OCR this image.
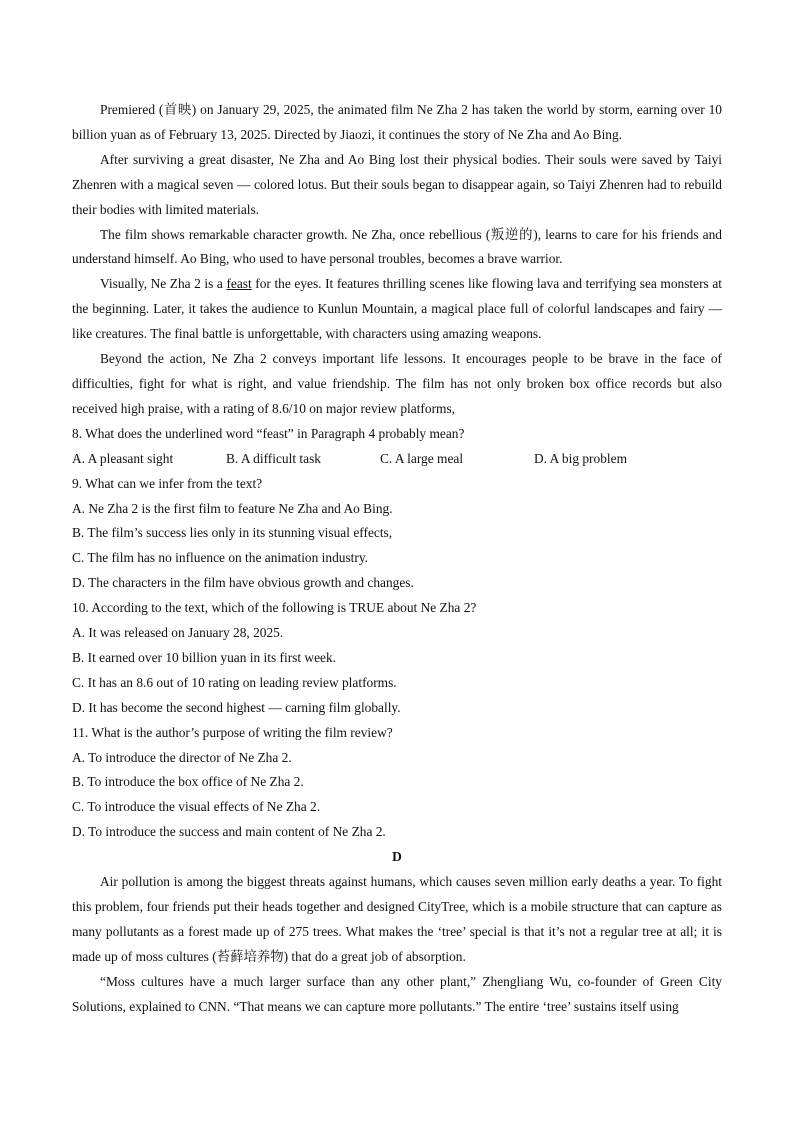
Premiered (首映) on January 29, 2025, the animated film Ne Zha 2 has taken the world by storm, earning over 10 billion yuan as of February 13, 2025. Directed by Jiaozi, it continues the story of Ne Zha and Ao Bing.

After surviving a great disaster, Ne Zha and Ao Bing lost their physical bodies. Their souls were saved by Taiyi Zhenren with a magical seven — colored lotus. But their souls began to disappear again, so Taiyi Zhenren had to rebuild their bodies with limited materials.

The film shows remarkable character growth. Ne Zha, once rebellious (叛逆的), learns to care for his friends and understand himself. Ao Bing, who used to have personal troubles, becomes a brave warrior.

Visually, Ne Zha 2 is a feast for the eyes. It features thrilling scenes like flowing lava and terrifying sea monsters at the beginning. Later, it takes the audience to Kunlun Mountain, a magical place full of colorful landscapes and fairy — like creatures. The final battle is unforgettable, with characters using amazing weapons.

Beyond the action, Ne Zha 2 conveys important life lessons. It encourages people to be brave in the face of difficulties, fight for what is right, and value friendship. The film has not only broken box office records but also received high praise, with a rating of 8.6/10 on major review platforms,

8. What does the underlined word “feast” in Paragraph 4 probably mean?

A. A pleasant sight	B. A difficult task	C. A large meal	D. A big problem

9. What can we infer from the text?

A. Ne Zha 2 is the first film to feature Ne Zha and Ao Bing.

B. The film’s success lies only in its stunning visual effects,

C. The film has no influence on the animation industry.

D. The characters in the film have obvious growth and changes.

10. According to the text, which of the following is TRUE about Ne Zha 2?

A. It was released on January 28, 2025.

B. It earned over 10 billion yuan in its first week.

C. It has an 8.6 out of 10 rating on leading review platforms.

D. It has become the second highest — carning film globally.

11. What is the author’s purpose of writing the film review?

A. To introduce the director of Ne Zha 2.

B. To introduce the box office of Ne Zha 2.

C. To introduce the visual effects of Ne Zha 2.

D. To introduce the success and main content of Ne Zha 2.

D

Air pollution is among the biggest threats against humans, which causes seven million early deaths a year. To fight this problem, four friends put their heads together and designed CityTree, which is a mobile structure that can capture as many pollutants as a forest made up of 275 trees. What makes the ‘tree’ special is that it’s not a regular tree at all; it is made up of moss cultures (苔藓培养物) that do a great job of absorption.

“Moss cultures have a much larger surface than any other plant,” Zhengliang Wu, co-founder of Green City Solutions, explained to CNN. “That means we can capture more pollutants.” The entire ‘tree’ sustains itself using
